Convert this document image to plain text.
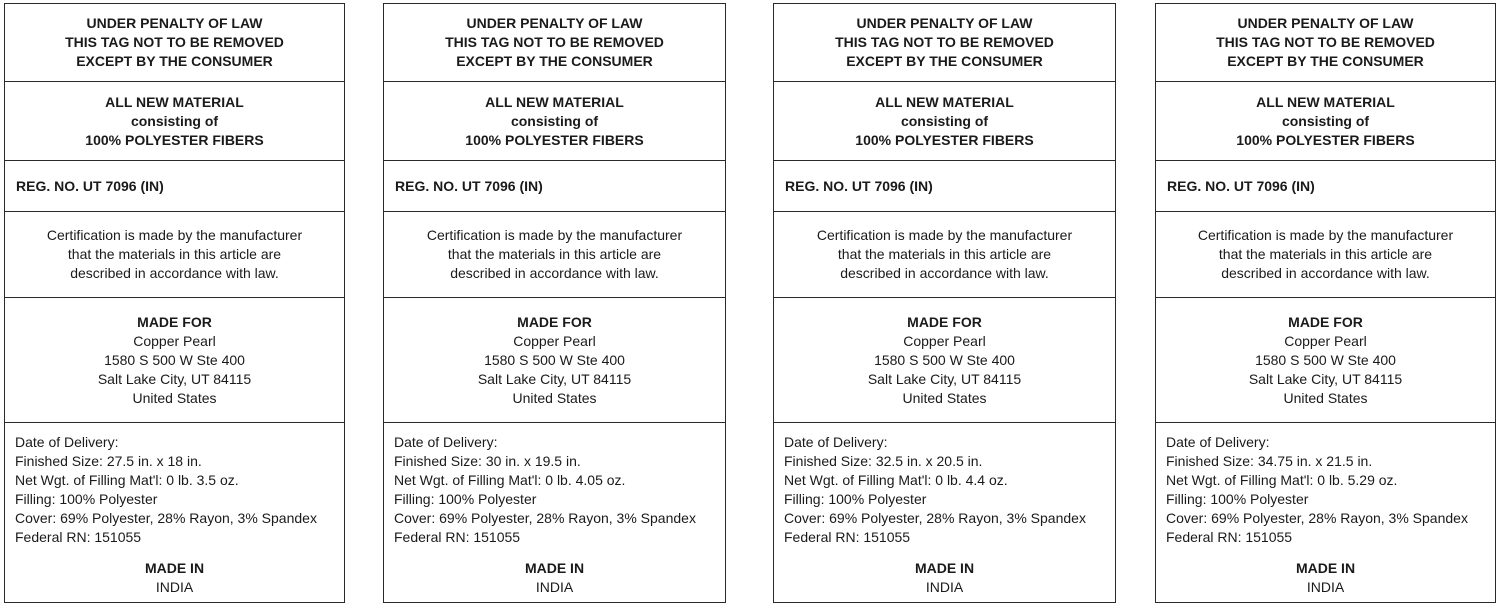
UNDER PENALTY OF LAW
THIS TAG NOT TO BE REMOVED
EXCEPT BY THE CONSUMER
ALL NEW MATERIAL
consisting of
100% POLYESTER FIBERS
REG. NO. UT 7096 (IN)
Certification is made by the manufacturer
that the materials in this article are
described in accordance with law.
MADE FOR
Copper Pearl
1580 S 500 W Ste 400
Salt Lake City, UT 84115
United States
Date of Delivery:
Finished Size: 27.5 in. x 18 in.
Net Wgt. of Filling Mat'l: 0 lb. 3.5 oz.
Filling: 100% Polyester
Cover: 69% Polyester, 28% Rayon, 3% Spandex
Federal RN: 151055
MADE IN
INDIA
UNDER PENALTY OF LAW
THIS TAG NOT TO BE REMOVED
EXCEPT BY THE CONSUMER
ALL NEW MATERIAL
consisting of
100% POLYESTER FIBERS
REG. NO. UT 7096 (IN)
Certification is made by the manufacturer
that the materials in this article are
described in accordance with law.
MADE FOR
Copper Pearl
1580 S 500 W Ste 400
Salt Lake City, UT 84115
United States
Date of Delivery:
Finished Size: 30 in. x 19.5 in.
Net Wgt. of Filling Mat'l: 0 lb. 4.05 oz.
Filling: 100% Polyester
Cover: 69% Polyester, 28% Rayon, 3% Spandex
Federal RN: 151055
MADE IN
INDIA
UNDER PENALTY OF LAW
THIS TAG NOT TO BE REMOVED
EXCEPT BY THE CONSUMER
ALL NEW MATERIAL
consisting of
100% POLYESTER FIBERS
REG. NO. UT 7096 (IN)
Certification is made by the manufacturer
that the materials in this article are
described in accordance with law.
MADE FOR
Copper Pearl
1580 S 500 W Ste 400
Salt Lake City, UT 84115
United States
Date of Delivery:
Finished Size: 32.5 in. x 20.5 in.
Net Wgt. of Filling Mat'l: 0 lb. 4.4 oz.
Filling: 100% Polyester
Cover: 69% Polyester, 28% Rayon, 3% Spandex
Federal RN: 151055
MADE IN
INDIA
UNDER PENALTY OF LAW
THIS TAG NOT TO BE REMOVED
EXCEPT BY THE CONSUMER
ALL NEW MATERIAL
consisting of
100% POLYESTER FIBERS
REG. NO. UT 7096 (IN)
Certification is made by the manufacturer
that the materials in this article are
described in accordance with law.
MADE FOR
Copper Pearl
1580 S 500 W Ste 400
Salt Lake City, UT 84115
United States
Date of Delivery:
Finished Size: 34.75 in. x 21.5 in.
Net Wgt. of Filling Mat'l: 0 lb. 5.29 oz.
Filling: 100% Polyester
Cover: 69% Polyester, 28% Rayon, 3% Spandex
Federal RN: 151055
MADE IN
INDIA
